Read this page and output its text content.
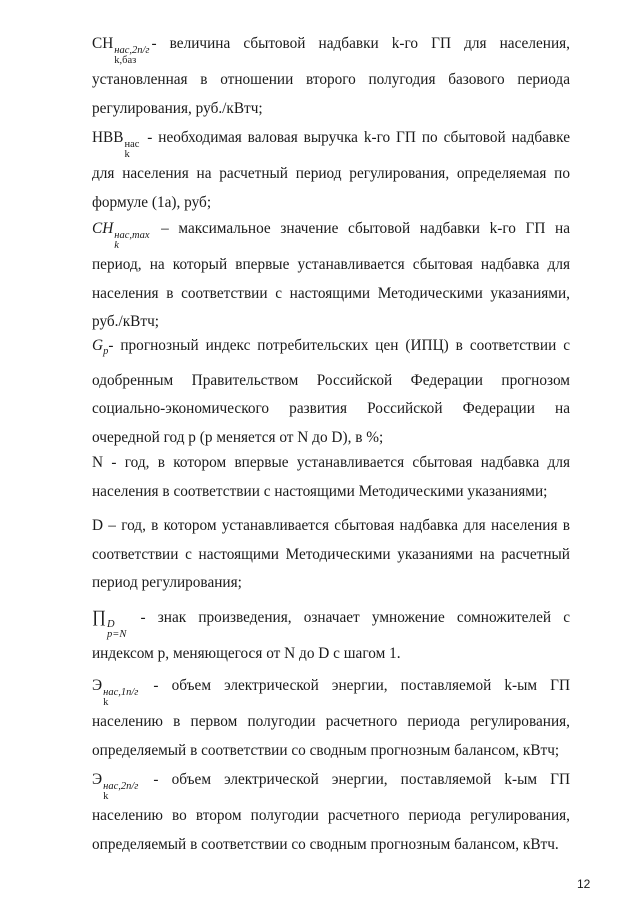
СН нас,2п/г
k,баз
- величина сбытовой надбавки k-го ГП для населения, установленная в отношении второго полугодия базового периода регулирования, руб./кВтч;

НВВ нас
k
- необходимая валовая выручка k-го ГП по сбытовой надбавке для населения на расчетный период регулирования, определяемая по формуле (1а), руб;

СН нас,max
k
– максимальное значение сбытовой надбавки k-го ГП на период, на который впервые устанавливается сбытовая надбавка для населения в соответствии с настоящими Методическими указаниями, руб./кВтч;

$G_p-$ прогнозный индекс потребительских цен (ИПЦ) в соответствии с одобренным Правительством Российской Федерации прогнозом социально-экономического развития Российской Федерации на очередной год p (p меняется от N до D), в %;

N - год, в котором впервые устанавливается сбытовая надбавка для населения в соответствии с настоящими Методическими указаниями;

D – год, в котором устанавливается сбытовая надбавка для населения в соответствии с настоящими Методическими указаниями на расчетный период регулирования;

∏ D
p=N
- знак произведения, означает умножение сомножителей с индексом p, меняющегося от N до D с шагом 1.

Э нас,1п/г
k
- объем электрической энергии, поставляемой k-ым ГП населению в первом полугодии расчетного периода регулирования, определяемый в соответствии со сводным прогнозным балансом, кВтч;

Э нас,2п/г
k
- объем электрической энергии, поставляемой k-ым ГП населению во втором полугодии расчетного периода регулирования, определяемый в соответствии со сводным прогнозным балансом, кВтч.

12
